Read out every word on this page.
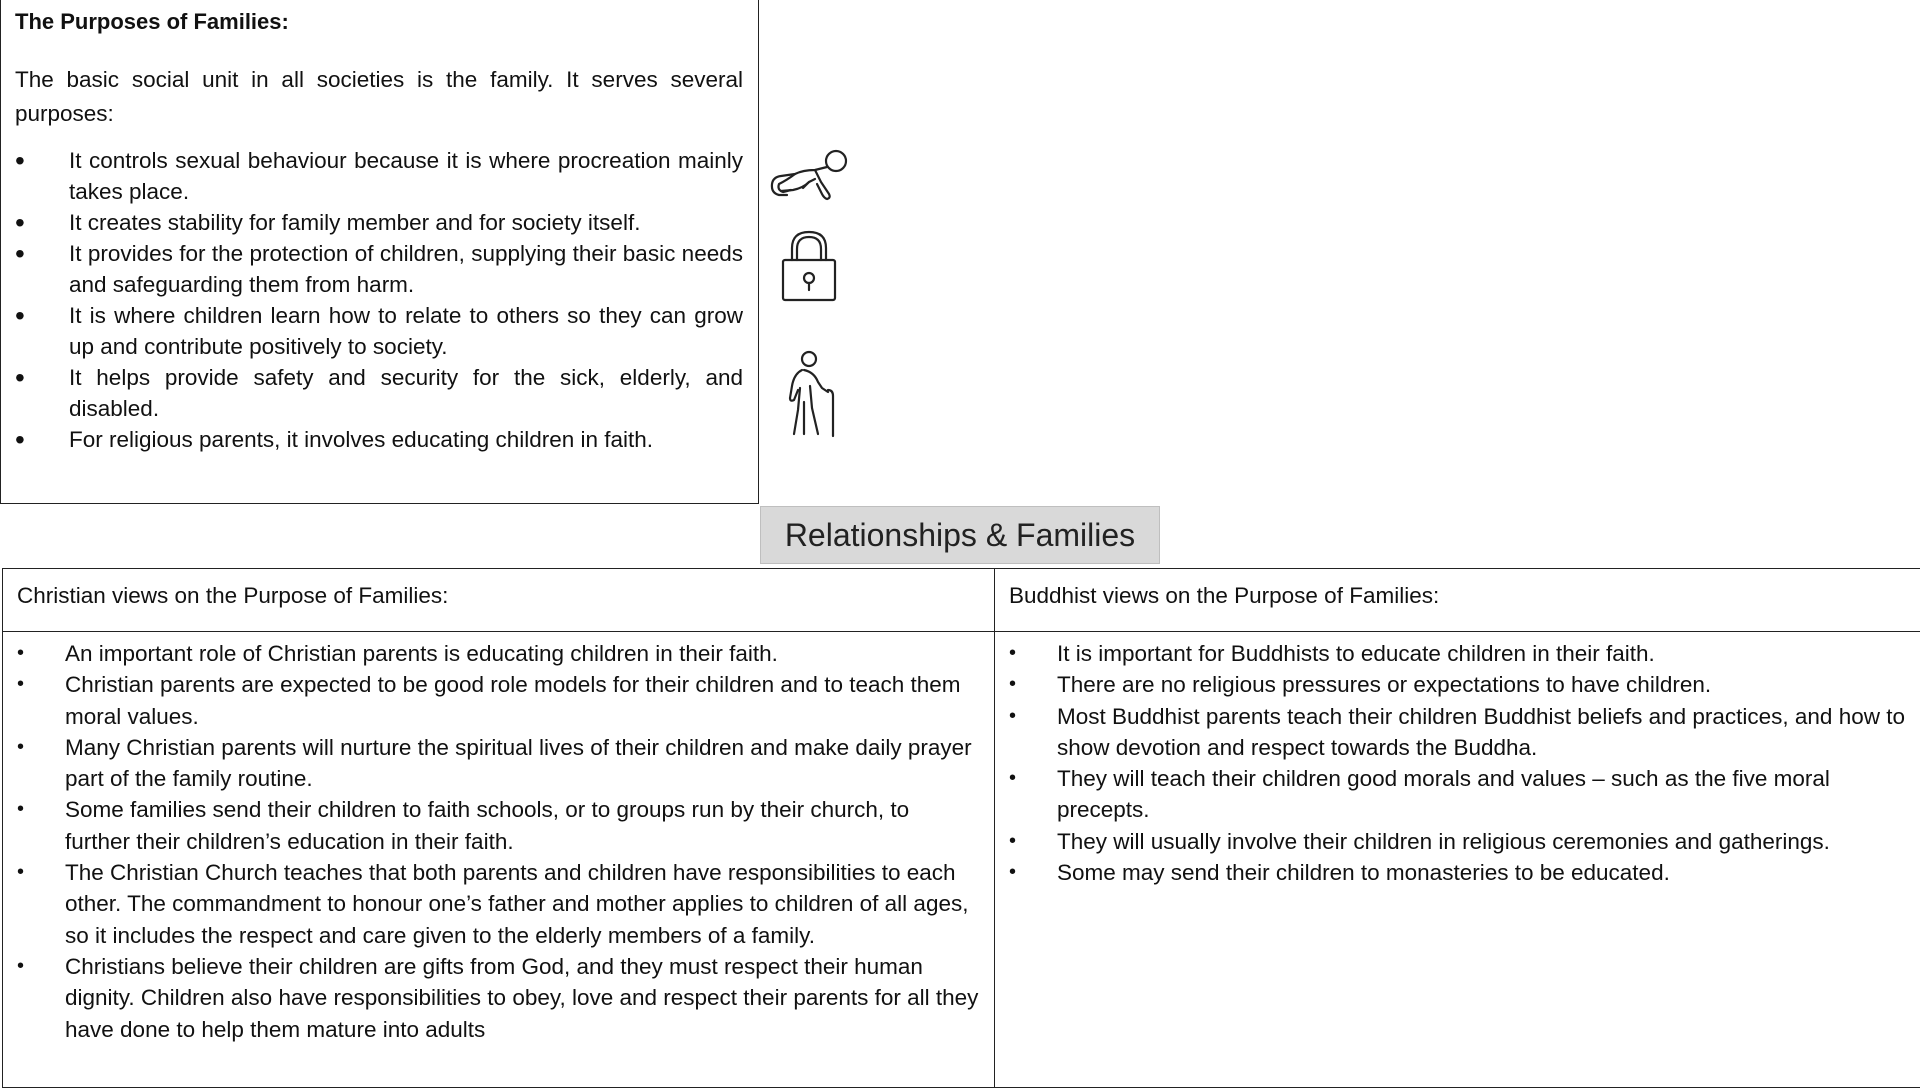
The Purposes of Families:

The basic social unit in all societies is the family. It serves several purposes:

• It controls sexual behaviour because it is where procreation mainly takes place.
• It creates stability for family member and for society itself.
• It provides for the protection of children, supplying their basic needs and safeguarding them from harm.
• It is where children learn how to relate to others so they can grow up and contribute positively to society.
• It helps provide safety and security for the sick, elderly, and disabled.
• For religious parents, it involves educating children in faith.
Relationships & Families
Christian views on the Purpose of Families:
• An important role of Christian parents is educating children in their faith.
• Christian parents are expected to be good role models for their children and to teach them moral values.
• Many Christian parents will nurture the spiritual lives of their children and make daily prayer part of the family routine.
• Some families send their children to faith schools, or to groups run by their church, to further their children’s education in their faith.
• The Christian Church teaches that both parents and children have responsibilities to each other. The commandment to honour one’s father and mother applies to children of all ages, so it includes the respect and care given to the elderly members of a family.
• Christians believe their children are gifts from God, and they must respect their human dignity. Children also have responsibilities to obey, love and respect their parents for all they have done to help them mature into adults
Buddhist views on the Purpose of Families:
• It is important for Buddhists to educate children in their faith.
• There are no religious pressures or expectations to have children.
• Most Buddhist parents teach their children Buddhist beliefs and practices, and how to show devotion and respect towards the Buddha.
• They will teach their children good morals and values – such as the five moral precepts.
• They will usually involve their children in religious ceremonies and gatherings.
• Some may send their children to monasteries to be educated.
